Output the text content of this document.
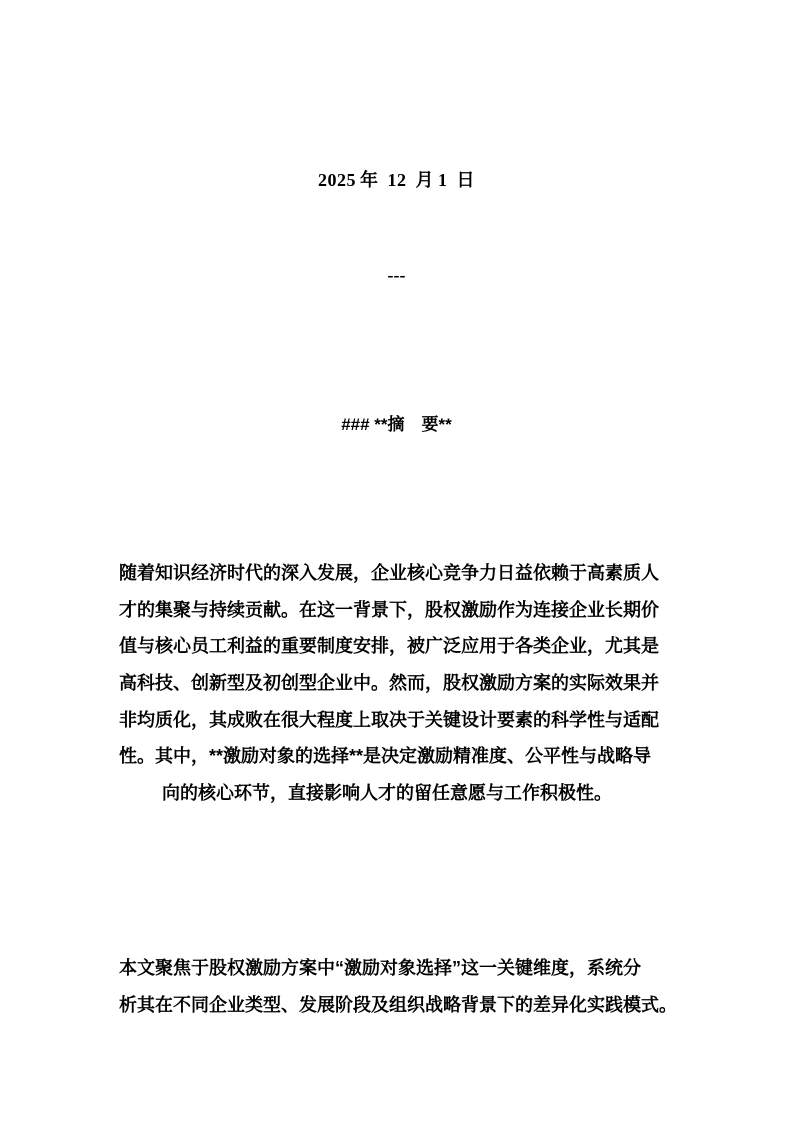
2025 年 12 月 1 日
---
### **摘　要**

随着知识经济时代的深入发展，企业核心竞争力日益依赖于高素质人
才的集聚与持续贡献。在这一背景下，股权激励作为连接企业长期价
值与核心员工利益的重要制度安排，被广泛应用于各类企业，尤其是
高科技、创新型及初创型企业中。然而，股权激励方案的实际效果并
非均质化，其成败在很大程度上取决于关键设计要素的科学性与适配
性。其中，**激励对象的选择**是决定激励精准度、公平性与战略导
向的核心环节，直接影响人才的留任意愿与工作积极性。

本文聚焦于股权激励方案中“激励对象选择”这一关键维度，系统分
析其在不同企业类型、发展阶段及组织战略背景下的差异化实践模式。
